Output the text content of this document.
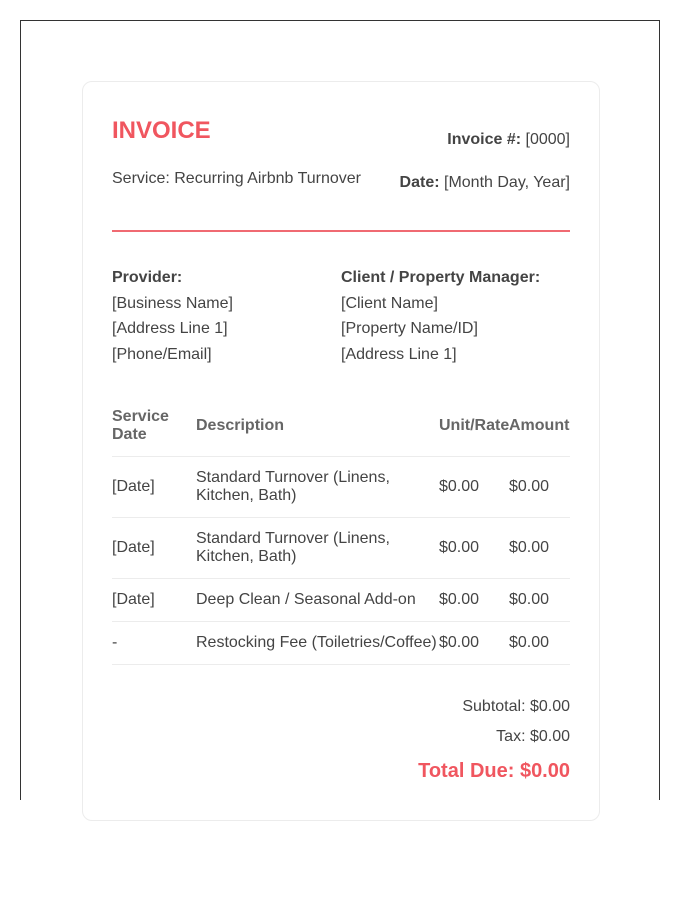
INVOICE
Service: Recurring Airbnb Turnover
Invoice #: [0000]
Date: [Month Day, Year]
Provider:
[Business Name]
[Address Line 1]
[Phone/Email]
Client / Property Manager:
[Client Name]
[Property Name/ID]
[Address Line 1]
Service Date	Description	Unit/Rate	Amount
[Date]	Standard Turnover (Linens, Kitchen, Bath)	$0.00	$0.00
[Date]	Standard Turnover (Linens, Kitchen, Bath)	$0.00	$0.00
[Date]	Deep Clean / Seasonal Add-on	$0.00	$0.00
-	Restocking Fee (Toiletries/Coffee)	$0.00	$0.00
Subtotal: $0.00
Tax: $0.00
Total Due: $0.00
